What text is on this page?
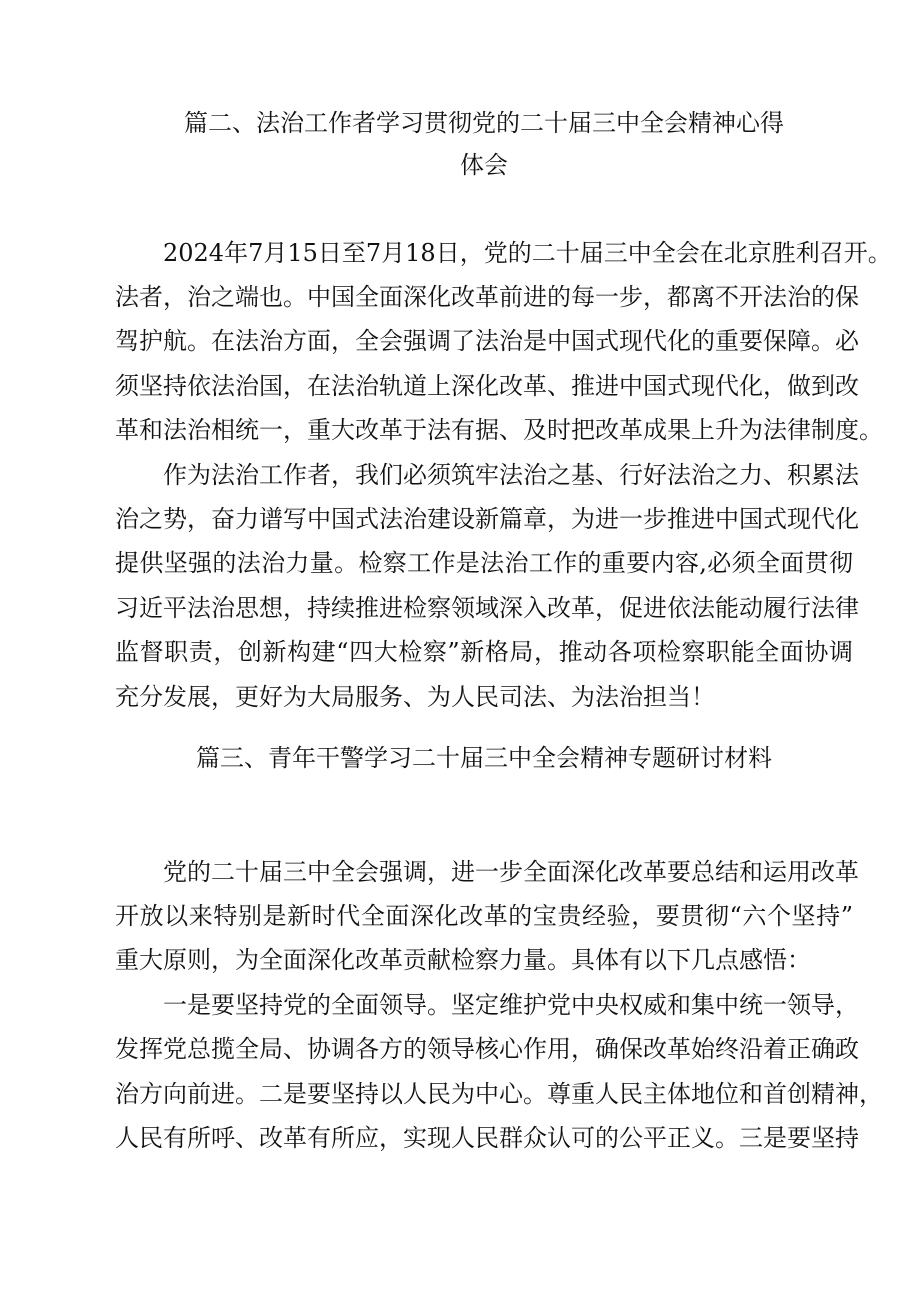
篇二、法治工作者学习贯彻党的二十届三中全会精神心得
体会
2024年7月15日至7月18日，党的二十届三中全会在北京胜利召开。
法者，治之端也。中国全面深化改革前进的每一步，都离不开法治的保
驾护航。在法治方面，全会强调了法治是中国式现代化的重要保障。必
须坚持依法治国，在法治轨道上深化改革、推进中国式现代化，做到改
革和法治相统一，重大改革于法有据、及时把改革成果上升为法律制度。
作为法治工作者，我们必须筑牢法治之基、行好法治之力、积累法
治之势，奋力谱写中国式法治建设新篇章，为进一步推进中国式现代化
提供坚强的法治力量。检察工作是法治工作的重要内容,必须全面贯彻
习近平法治思想，持续推进检察领域深入改革，促进依法能动履行法律
监督职责，创新构建“四大检察”新格局，推动各项检察职能全面协调
充分发展，更好为大局服务、为人民司法、为法治担当！
篇三、青年干警学习二十届三中全会精神专题研讨材料
党的二十届三中全会强调，进一步全面深化改革要总结和运用改革
开放以来特别是新时代全面深化改革的宝贵经验，要贯彻“六个坚持”
重大原则，为全面深化改革贡献检察力量。具体有以下几点感悟：
一是要坚持党的全面领导。坚定维护党中央权威和集中统一领导，
发挥党总揽全局、协调各方的领导核心作用，确保改革始终沿着正确政
治方向前进。二是要坚持以人民为中心。尊重人民主体地位和首创精神，
人民有所呼、改革有所应，实现人民群众认可的公平正义。三是要坚持
